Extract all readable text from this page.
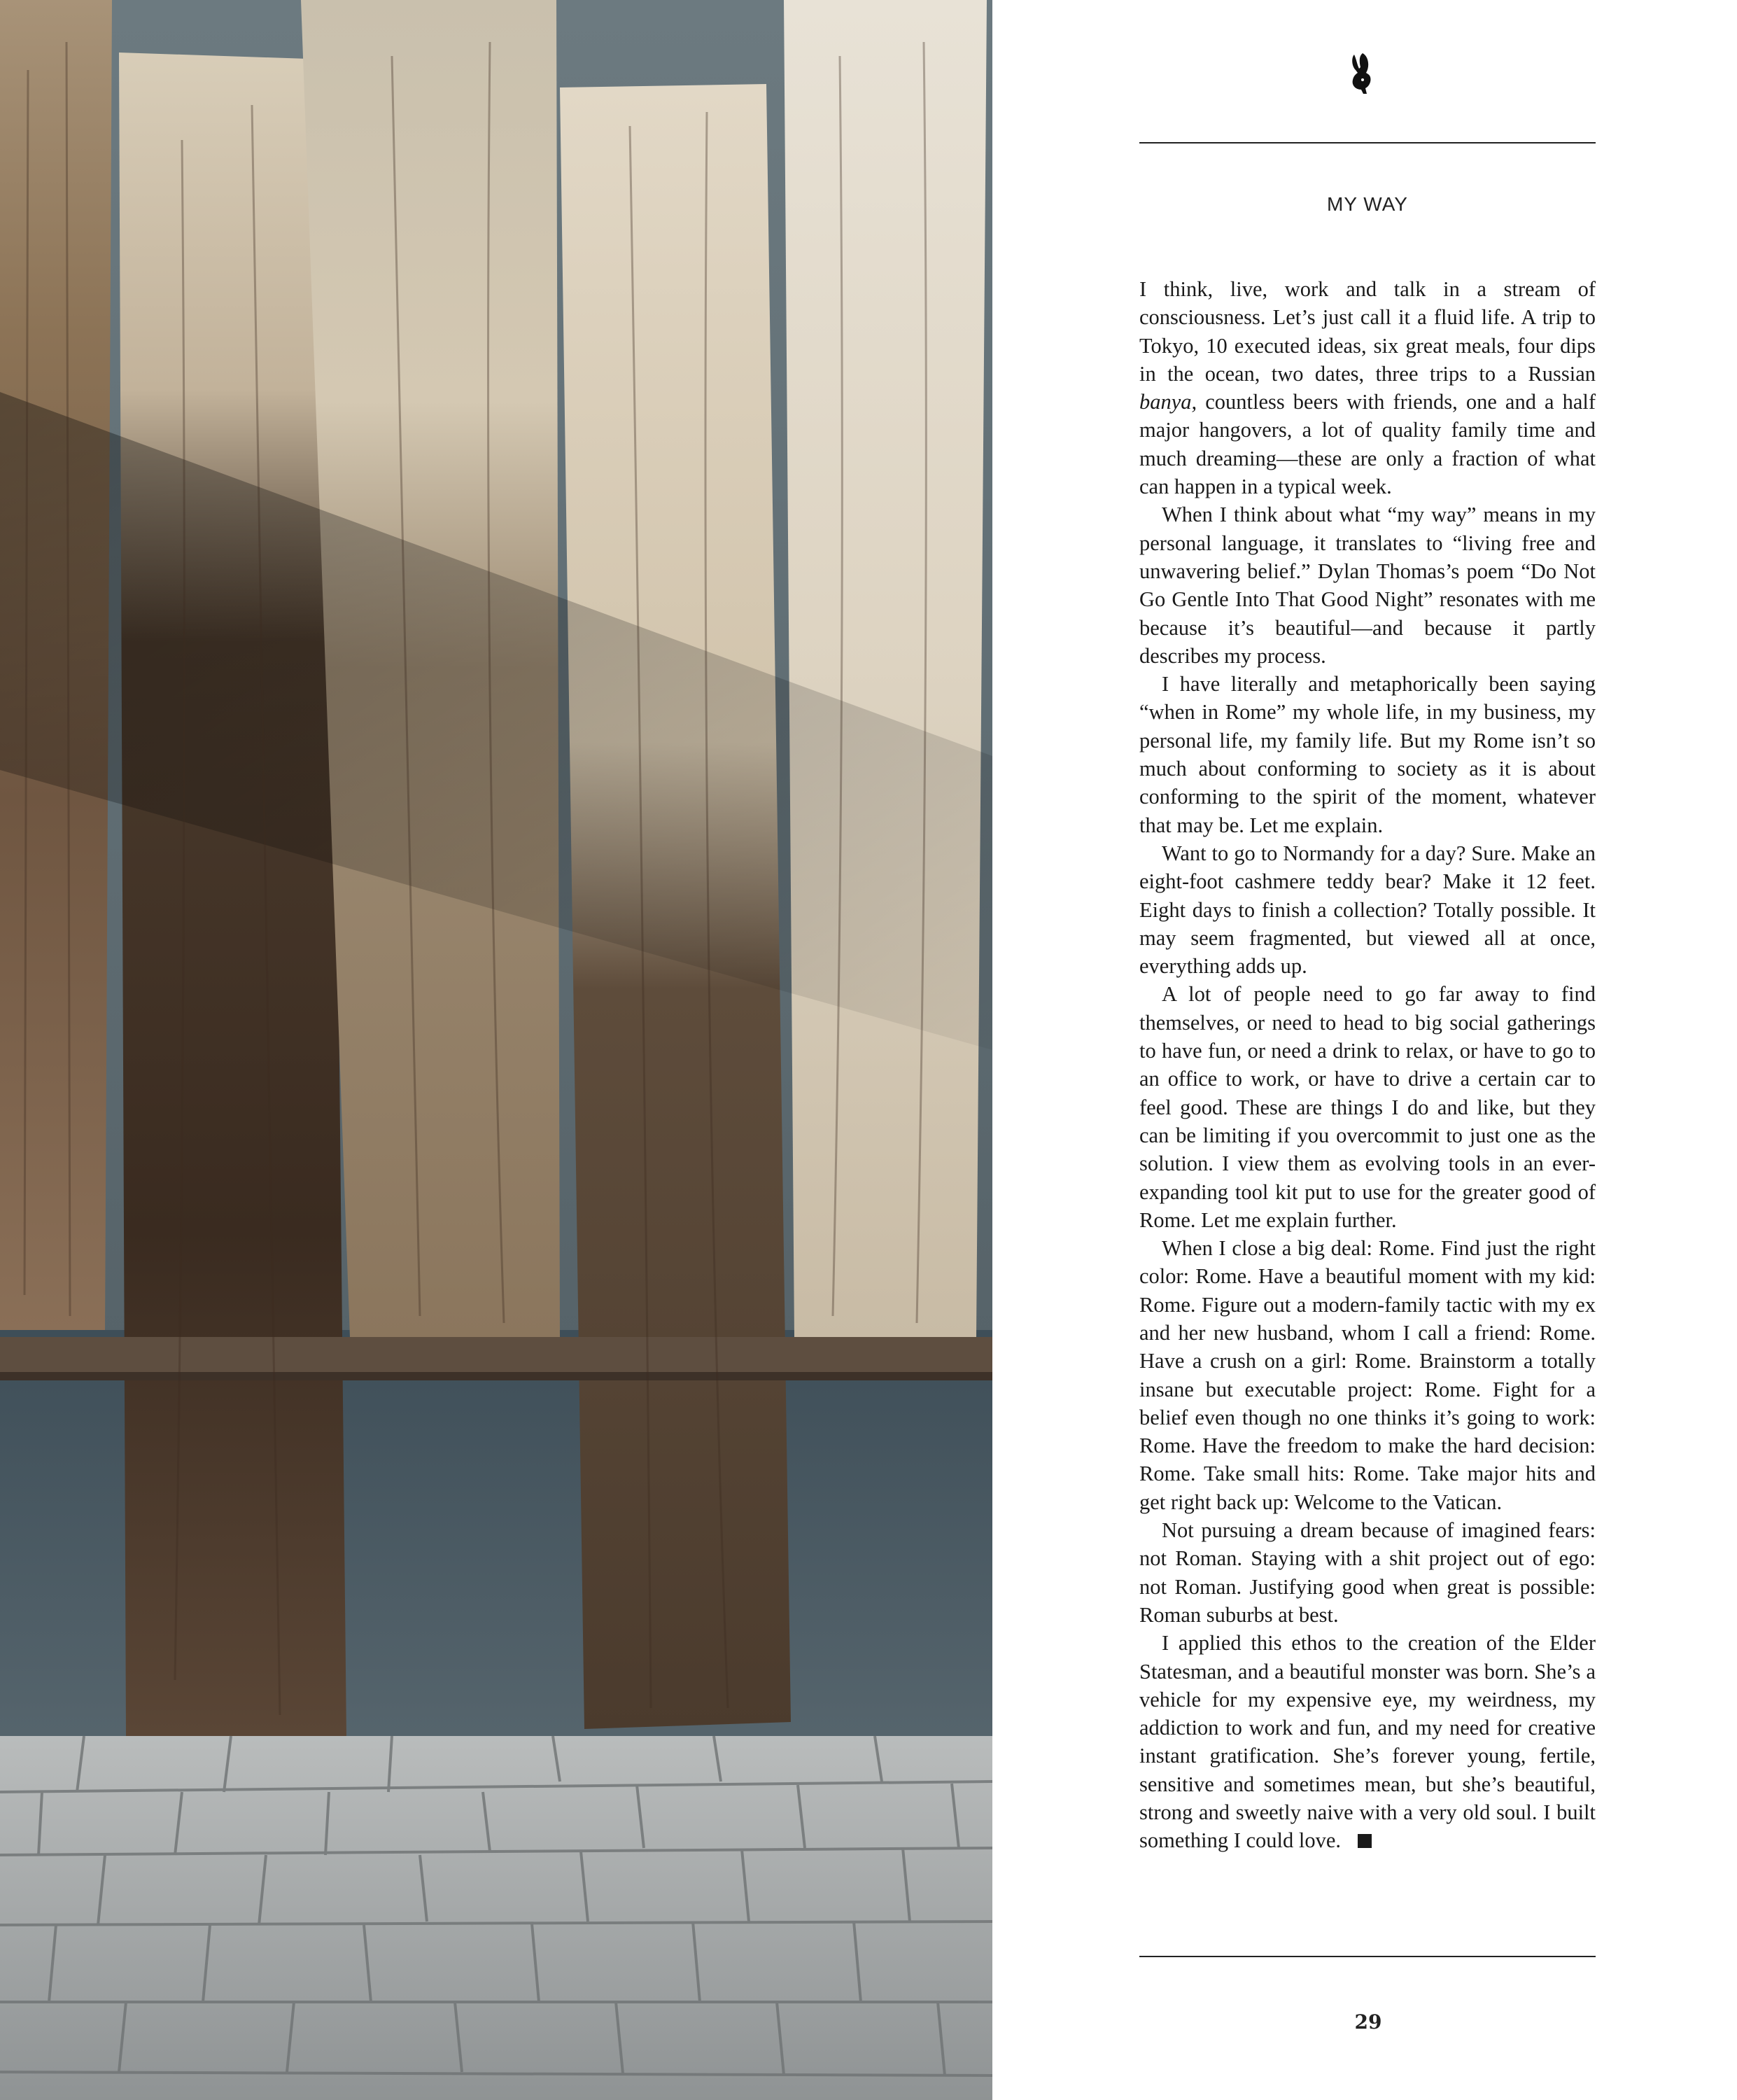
MY WAY

I think, live, work and talk in a stream of consciousness. Let’s just call it a fluid life. A trip to Tokyo, 10 executed ideas, six great meals, four dips in the ocean, two dates, three trips to a Russian banya, countless beers with friends, one and a half major hangovers, a lot of quality family time and much dreaming—these are only a fraction of what can happen in a typical week.

When I think about what “my way” means in my personal language, it translates to “living free and unwavering belief.” Dylan Thomas’s poem “Do Not Go Gentle Into That Good Night” resonates with me because it’s beautiful—and because it partly describes my process.

I have literally and metaphorically been saying “when in Rome” my whole life, in my business, my personal life, my family life. But my Rome isn’t so much about conforming to society as it is about conforming to the spirit of the moment, whatever that may be. Let me explain.

Want to go to Normandy for a day? Sure. Make an eight-foot cashmere teddy bear? Make it 12 feet. Eight days to finish a collection? Totally possible. It may seem fragmented, but viewed all at once, everything adds up.

A lot of people need to go far away to find themselves, or need to head to big social gatherings to have fun, or need a drink to relax, or have to go to an office to work, or have to drive a certain car to feel good. These are things I do and like, but they can be limiting if you overcommit to just one as the solution. I view them as evolving tools in an ever-expanding tool kit put to use for the greater good of Rome. Let me explain further.

When I close a big deal: Rome. Find just the right color: Rome. Have a beautiful moment with my kid: Rome. Figure out a modern-family tactic with my ex and her new husband, whom I call a friend: Rome. Have a crush on a girl: Rome. Brainstorm a totally insane but executable project: Rome. Fight for a belief even though no one thinks it’s going to work: Rome. Have the freedom to make the hard decision: Rome. Take small hits: Rome. Take major hits and get right back up: Welcome to the Vatican.

Not pursuing a dream because of imagined fears: not Roman. Staying with a shit project out of ego: not Roman. Justifying good when great is possible: Roman suburbs at best.

I applied this ethos to the creation of the Elder Statesman, and a beautiful monster was born. She’s a vehicle for my expensive eye, my weirdness, my addiction to work and fun, and my need for creative instant gratification. She’s forever young, fertile, sensitive and sometimes mean, but she’s beautiful, strong and sweetly naive with a very old soul. I built something I could love.

29
